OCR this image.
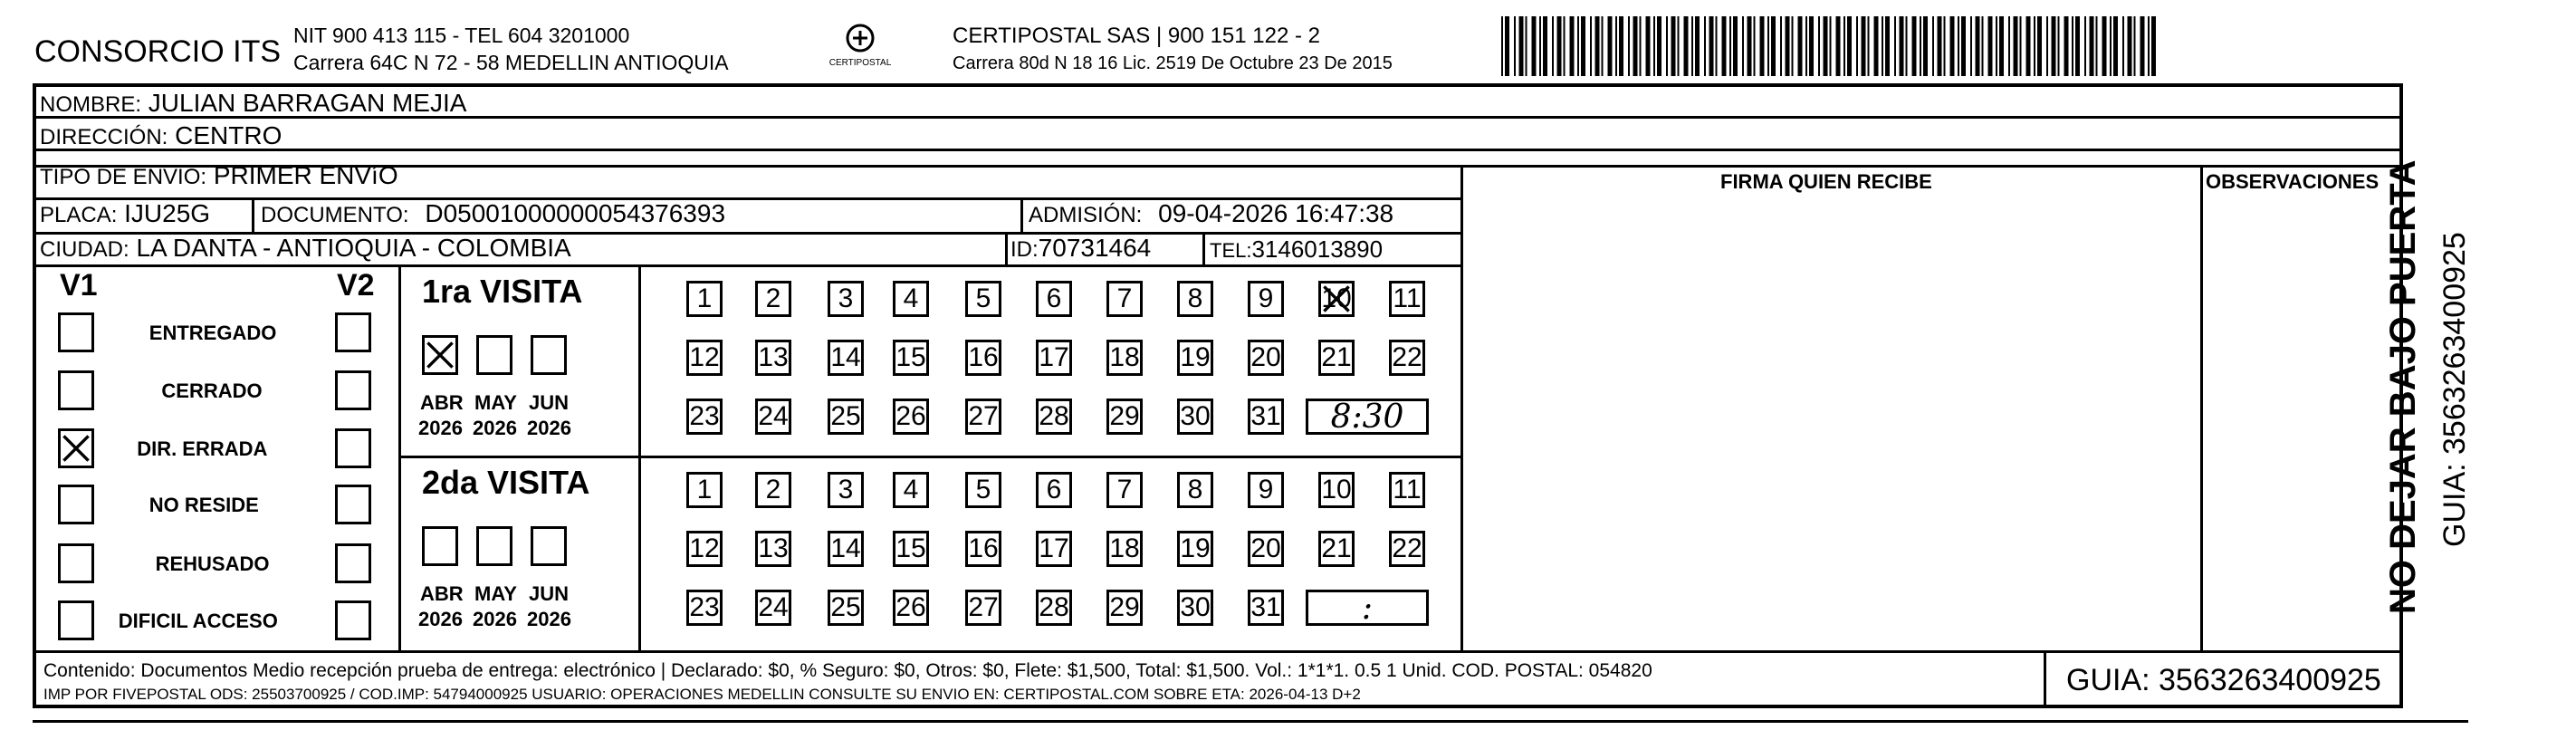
CONSORCIO ITS NIT 900 413 115 - TEL 604 3201000
Carrera 64C N 72 - 58 MEDELLIN ANTIOQUIA	CERTIPOSTAL
CERTIPOSTAL SAS | 900 151 122 - 2
Carrera 80d N 18 16 Lic. 2519 De Octubre 23 De 2015
NOMBRE: JULIAN BARRAGAN MEJIA
DIRECCIÓN: CENTRO
TIPO DE ENVIO: PRIMER ENVíO	FIRMA QUIEN RECIBE	OBSERVACIONES
PLACA: IJU25G DOCUMENTO: D05001000000054376393	ADMISIÓN: 09-04-2026 16:47:38
CIUDAD: LA DANTA - ANTIOQUIA - COLOMBIA	ID:70731464	TEL:3146013890
V1	V2
ENTREGADO
CERRADO
DIR. ERRADA
NO RESIDE
REHUSADO
DIFICIL ACCESO
1ra VISITA
ABR
2026
MAY
2026
JUN
2026
1	2	3	4	5	6	7	8	9	10 11
12 13 14 15 16 17 18 19 20 21 22
23 24 25 26 27 28 29 30 31	8:30
2da VISITA
ABR
2026
MAY
2026
JUN
2026
1	2	3	4	5	6	7	8	9	10 11
12 13 14 15 16 17 18 19 20 21 22
23 24 25 26 27 28 29 30 31	:
Contenido: Documentos Medio recepción prueba de entrega: electrónico | Declarado: $0, % Seguro: $0, Otros: $0, Flete: $1,500, Total: $1,500. Vol.: 1*1*1. 0.5 1 Unid. COD. POSTAL: 054820
IMP POR FIVEPOSTAL ODS: 25503700925 / COD.IMP: 54794000925 USUARIO: OPERACIONES MEDELLIN CONSULTE SU ENVIO EN: CERTIPOSTAL.COM SOBRE ETA: 2026-04-13 D+2	GUIA: 3563263400925
NO DEJAR BAJO PUERTA GUIA: 3563263400925
